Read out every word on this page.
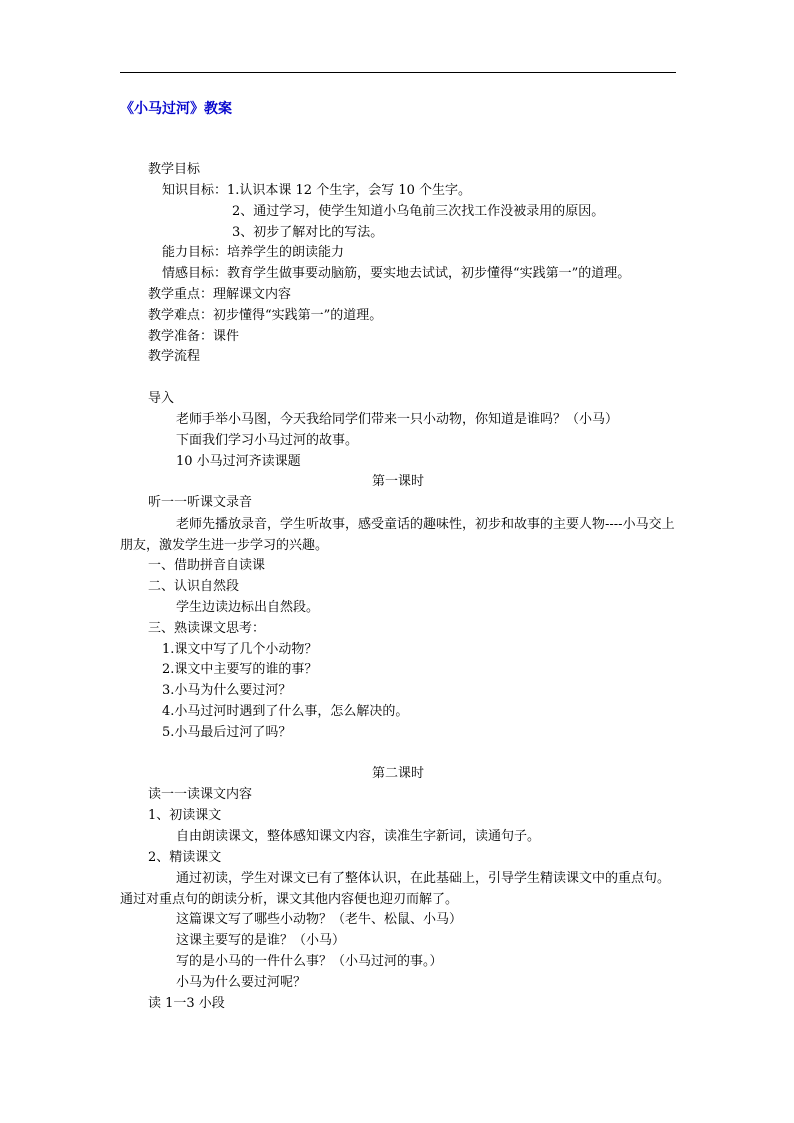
《小马过河》教案
教学目标
知识目标：1.认识本课 12 个生字，会写 10 个生字。
2、通过学习，使学生知道小乌龟前三次找工作没被录用的原因。
3、初步了解对比的写法。
能力目标：培养学生的朗读能力
情感目标：教育学生做事要动脑筋，要实地去试试，初步懂得“实践第一”的道理。
教学重点：理解课文内容
教学难点：初步懂得“实践第一”的道理。
教学准备：课件
教学流程
导入
老师手举小马图，今天我给同学们带来一只小动物，你知道是谁吗？（小马）
下面我们学习小马过河的故事。
10 小马过河齐读课题
第一课时
听一一听课文录音
老师先播放录音，学生听故事，感受童话的趣味性，初步和故事的主要人物----小马交上朋友，激发学生进一步学习的兴趣。
一、借助拼音自读课
二、认识自然段
学生边读边标出自然段。
三、熟读课文思考：
1.课文中写了几个小动物？
2.课文中主要写的谁的事？
3.小马为什么要过河？
4.小马过河时遇到了什么事，怎么解决的。
5.小马最后过河了吗？
第二课时
读一一读课文内容
1、初读课文
自由朗读课文，整体感知课文内容，读准生字新词，读通句子。
2、精读课文
通过初读，学生对课文已有了整体认识，在此基础上，引导学生精读课文中的重点句。通过对重点句的朗读分析，课文其他内容便也迎刃而解了。
这篇课文写了哪些小动物？（老牛、松鼠、小马）
这课主要写的是谁？（小马）
写的是小马的一件什么事？（小马过河的事。）
小马为什么要过河呢？
读 1一3 小段
